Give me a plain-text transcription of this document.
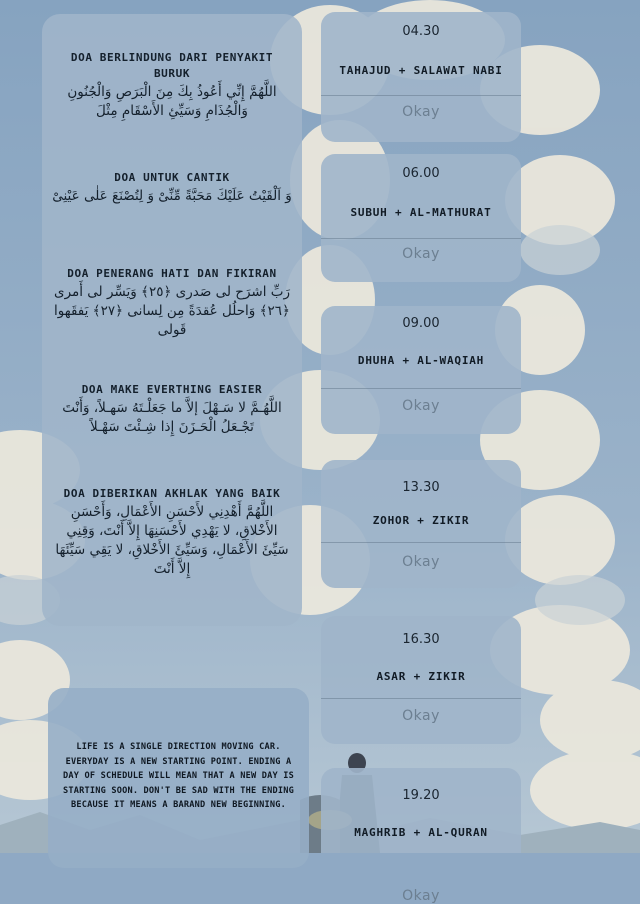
DOA BERLINDUNG DARI PENYAKIT BURUK
اللَّهُمَّ إِنِّي أَعُوذُ بِكَ مِنَ الْبَرَصِ وَالْجُنُونِ وَالْجُذَامِ وَسَيِّئِ الأَسْقَامِ مِثْلَ
DOA UNTUK CANTIK
وَ اَلْقَيْتُ عَلَيْكَ مَحَبَّةً مِّنِّىْ وَ لِتُصْنَعَ عَلٰى عَيْنِىْ
DOA PENERANG HATI DAN FIKIRAN
رَبِّ اشرَح لى صَدرى ﴿٢٥﴾ وَيَسِّر لى أَمرى ﴿٢٦﴾ وَاحلُل عُقدَةً مِن لِسانى ﴿٢٧﴾ يَفقَهوا قَولى
DOA MAKE EVERTHING EASIER
اللَّهُـمَّ لا سَـهْلَ إلاَّ ما جَعَلْـتَهُ سَهـلاً، وَأَنْتَ تَجْـعَلُ الْحَـزَنَ إِذا شِـئْتَ سَهْـلاً
DOA DIBERIKAN AKHLAK YANG BAIK
اللَّهُمَّ أَهْدِنِي لأَحْسَنِ الأَعْمَالِ، وَأَحْسَنِ الأَخْلاقِ، لا يَهْدِي لأَحْسَنِهَا إِلاَّ أَنْتَ، وَقِنِي سَيِّئَ الأَعْمَالِ، وَسَيِّئَ الأَخْلاقِ، لا يَقِي سَيِّئَهَا إِلاَّ أَنْتَ

LIFE IS A SINGLE DIRECTION MOVING CAR. EVERYDAY IS A NEW STARTING POINT. ENDING A DAY OF SCHEDULE WILL MEAN THAT A NEW DAY IS STARTING SOON. DON'T BE SAD WITH THE ENDING BECAUSE IT MEANS A BARAND NEW BEGINNING.

04.30
TAHAJUD + SALAWAT NABI
Okay
06.00
SUBUH + AL-MATHURAT
Okay
09.00
DHUHA + AL-WAQIAH
Okay
13.30
ZOHOR + ZIKIR
Okay
16.30
ASAR + ZIKIR
Okay
19.20
MAGHRIB + AL-QURAN
Okay
